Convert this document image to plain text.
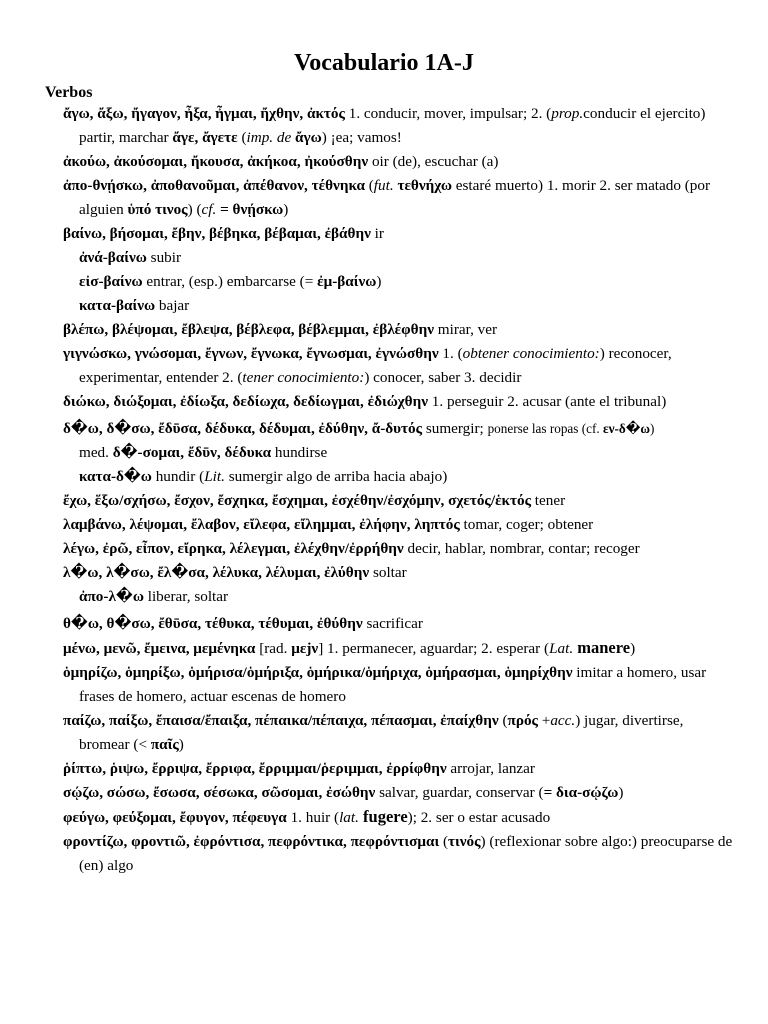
Vocabulario 1A-J
Verbos
ἄγω, ἄξω, ἤγαγον, ἦξα, ἦγμαι, ἤχθην, ἀκτός 1. conducir, mover, impulsar; 2. (prop.conducir el ejercito) partir, marchar ἄγε, ἄγετε (imp. de ἄγω) ¡ea; vamos!
ἀκούω, ἀκούσομαι, ἤκουσα, ἀκήκοα, ἠκούσθην oir (de), escuchar (a)
ἀπο-θνῄσκω, ἀποθανοῦμαι, ἀπέθανον, τέθνηκα (fut. τεθνήχω estaré muerto) 1. morir 2. ser matado (por alguien ὑπό τινος) (cf. = θνῄσκω)
βαίνω, βήσομαι, ἔβην, βέβηκα, βέβαμαι, ἐβάθην ir
ἀνά-βαίνω subir
εἰσ-βαίνω entrar, (esp.) embarcarse (= ἐμ-βαίνω)
κατα-βαίνω bajar
βλέπω, βλέψομαι, ἔβλεψα, βέβλεφα, βέβλεμμαι, ἐβλέφθην mirar, ver
γιγνώσκω, γνώσομαι, ἔγνων, ἔγνωκα, ἔγνωσμαι, ἐγνώσθην 1. (obtener conocimiento:) reconocer, experimentar, entender 2. (tener conocimiento:) conocer, saber 3. decidir
διώκω, διώξομαι, ἐδίωξα, δεδίωχα, δεδίωγμαι, ἐδιώχθην 1. perseguir 2. acusar (ante el tribunal)
δ�ω, δ�σω, ἔδῡσα, δέδυκα, δέδυμαι, ἐδύθην, ἄ-δυτός sumergir; ponerse las ropas (cf. εν-δ�ω)
med. δ�-σομαι, ἔδῡν, δέδυκα hundirse
κατα-δ�ω hundir (Lit. sumergir algo de arriba hacia abajo)
ἔχω, ἕξω/σχήσω, ἔσχον, ἔσχηκα, ἔσχημαι, ἐσχέθην/ἐσχόμην, σχετός/ἑκτός tener
λαμβάνω, λέψομαι, ἔλαβον, εἴλεφα, εἴλημμαι, ἐλήφην, ληπτός tomar, coger; obtener
λέγω, ἐρῶ, εἶπον, εἴρηκα, λέλεγμαι, ἐλέχθην/ἐρρήθην decir, hablar, nombrar, contar; recoger
λ�ω, λ�σω, ἔλ�σα, λέλυκα, λέλυμαι, ἐλύθην soltar
ἀπο-λ�ω liberar, soltar
θ�ω, θ�σω, ἔθῡσα, τέθυκα, τέθυμαι, ἐθύθην sacrificar
μένω, μενῶ, ἔμεινα, μεμένηκα [rad. μεjν] 1. permanecer, aguardar; 2. esperar (Lat. manere)
ὁμηρίζω, ὁμηρίξω, ὁμήρισα/ὁμήριξα, ὁμήρικα/ὁμήριχα, ὁμήρασμαι, ὁμηρίχθην imitar a homero, usar frases de homero, actuar escenas de homero
παίζω, παίξω, ἔπαισα/ἔπαιξα, πέπαικα/πέπαιχα, πέπασμαι, ἐπαίχθην (πρός +acc.) jugar, divertirse, bromear (< παῖς)
ῥίπτω, ῥιψω, ἔρριψα, ἔρριφα, ἔρριμμαι/ῥεριμμαι, ἐρρίφθην arrojar, lanzar
σῴζω, σώσω, ἔσωσα, σέσωκα, σῶσομαι, ἐσώθην salvar, guardar, conservar (= δια-σῴζω)
φεύγω, φεύξομαι, ἔφυγον, πέφευγα 1. huir (lat. fugere); 2. ser o estar acusado
φροντίζω, φροντιῶ, ἐφρόντισα, πεφρόντικα, πεφρόντισμαι (τινός) (reflexionar sobre algo:) preocuparse de (en) algo
